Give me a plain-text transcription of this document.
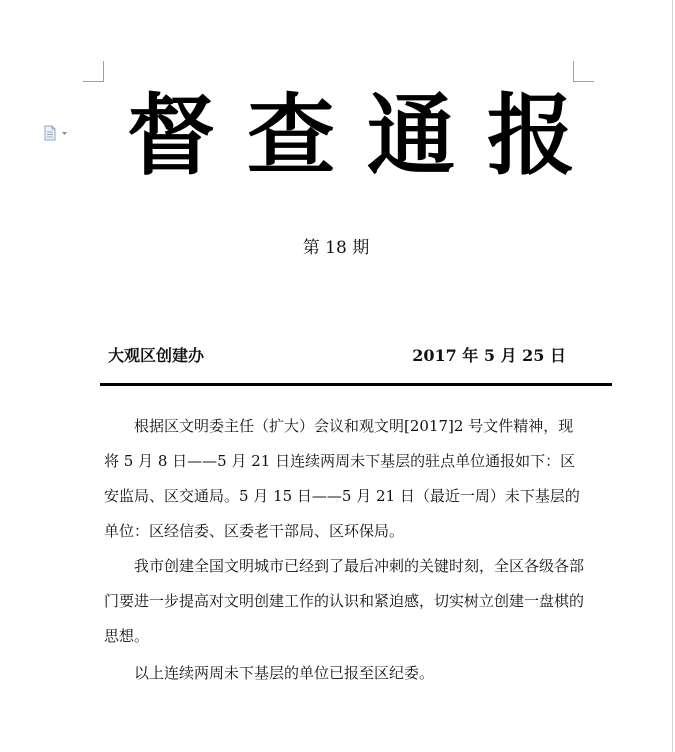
督查通报
第 18 期
大观区创建办	2017 年 5 月 25 日

根据区文明委主任（扩大）会议和观文明[2017]2 号文件精神，现将 5 月 8 日——5 月 21 日连续两周未下基层的驻点单位通报如下：区安监局、区交通局。5 月 15 日——5 月 21 日（最近一周）未下基层的单位：区经信委、区委老干部局、区环保局。

我市创建全国文明城市已经到了最后冲刺的关键时刻，全区各级各部门要进一步提高对文明创建工作的认识和紧迫感，切实树立创建一盘棋的思想。

以上连续两周未下基层的单位已报至区纪委。
